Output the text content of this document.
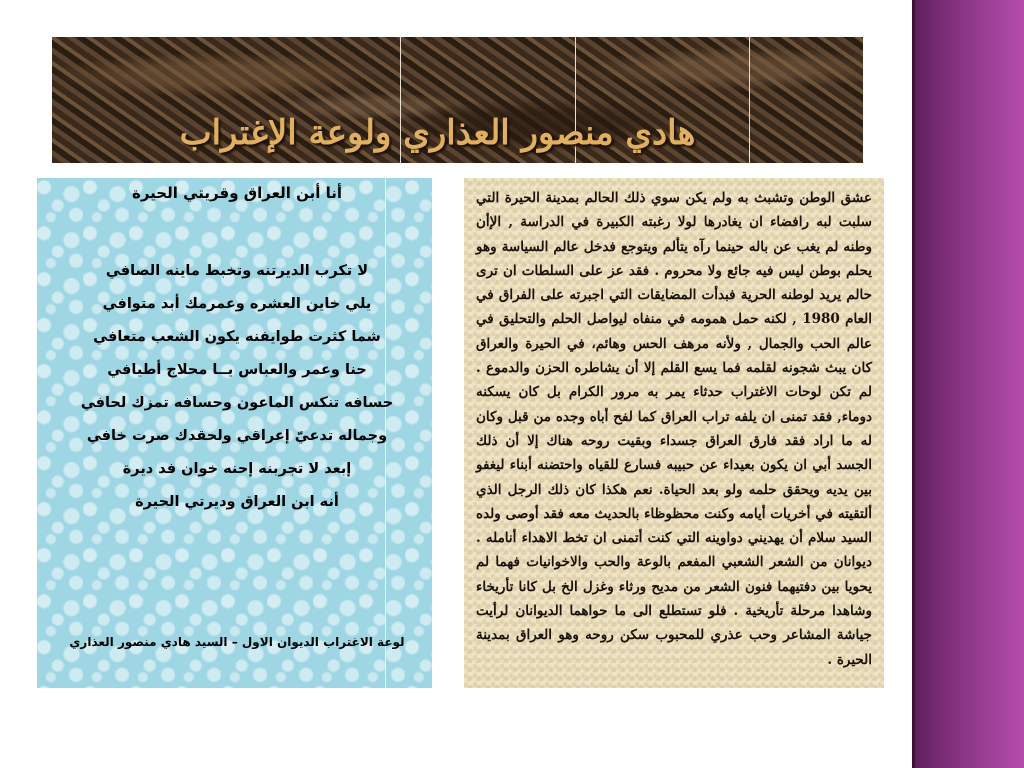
هادي منصور العذاري ولوعة الإغتراب
أنا أبن العراق وقريتي الحيرة
لا تكرب الديرتنه وتخبط ماينه الصافي
يلي خاين العشره وعمرمك أبد متوافي
شما كثرت طوايفنه يكون الشعب متعافي
حنا وعمر والعباس يــا محلاج أطيافي
حسافه تنكس الماعون وحسافه تمزك لحافي
وجماله تدعيّ إعراقي ولحقدك صرت خافي
إبعد لا تجربنه إحنه خوان فد ديرة
أنه ابن العراق وديرتي الحيرة
لوعة الاغتراب الديوان الاول – السيد هادي منصور العذاري
عشق الوطن وتشبث به ولم يكن سوي ذلك الحالم بمدينة الحيرة التي سلبت لبه رافضاء ان يغادرها لولا رغبته الكبيرة في الدراسة , الإأن وطنه لم يغب عن باله حينما رآه يتألم ويتوجع فدخل عالم السياسة وهو يحلم بوطن ليس فيه جائع ولا محروم . فقد عز على السلطات ان ترى حالم يريد لوطنه الحرية فبدأت المضايقات التي اجبرته على الفراق في العام 1980 , لكنه حمل همومه في منفاه ليواصل الحلم والتحليق في عالم الحب والجمال , ولأنه مرهف الحس وهائم، في الحيرة والعراق كان يبث شجونه لقلمه فما يسع القلم إلا أن يشاطره الحزن والدموع . لم تكن لوحات الاغتراب حدثاء يمر به مرور الكرام بل كان يسكنه دوماء, فقد تمنى ان يلفه تراب العراق كما لفح أباه وجده من قبل وكان له ما اراد فقد فارق العراق جسداء وبقيت روحه هناك إلا أن ذلك الجسد أبي ان يكون بعيداء عن حبيبه فسارع للقياه واحتضنه أبناء ليغفو بين يديه ويحقق حلمه ولو بعد الحياة. نعم هكذا كان ذلك الرجل الذي ألتقيته في أخريات أيامه وكنت محظوظاء بالحديث معه فقد أوصى ولده السيد سلام أن يهديني دواوينه التي كنت أتمنى ان تخط الاهداء أنامله . ديوانان من الشعر الشعبي المفعم بالوعة والحب والاخوانيات فهما لم يحويا بين دفتيهما فنون الشعر من مديح ورثاء وغزل الخ بل كانا تأريخاء وشاهدا مرحلة تأريخية . فلو تستطلع الى ما حواهما الديوانان لرأيت جياشة المشاعر وحب عذري للمحبوب سكن روحه وهو العراق بمدينة الحيرة .
